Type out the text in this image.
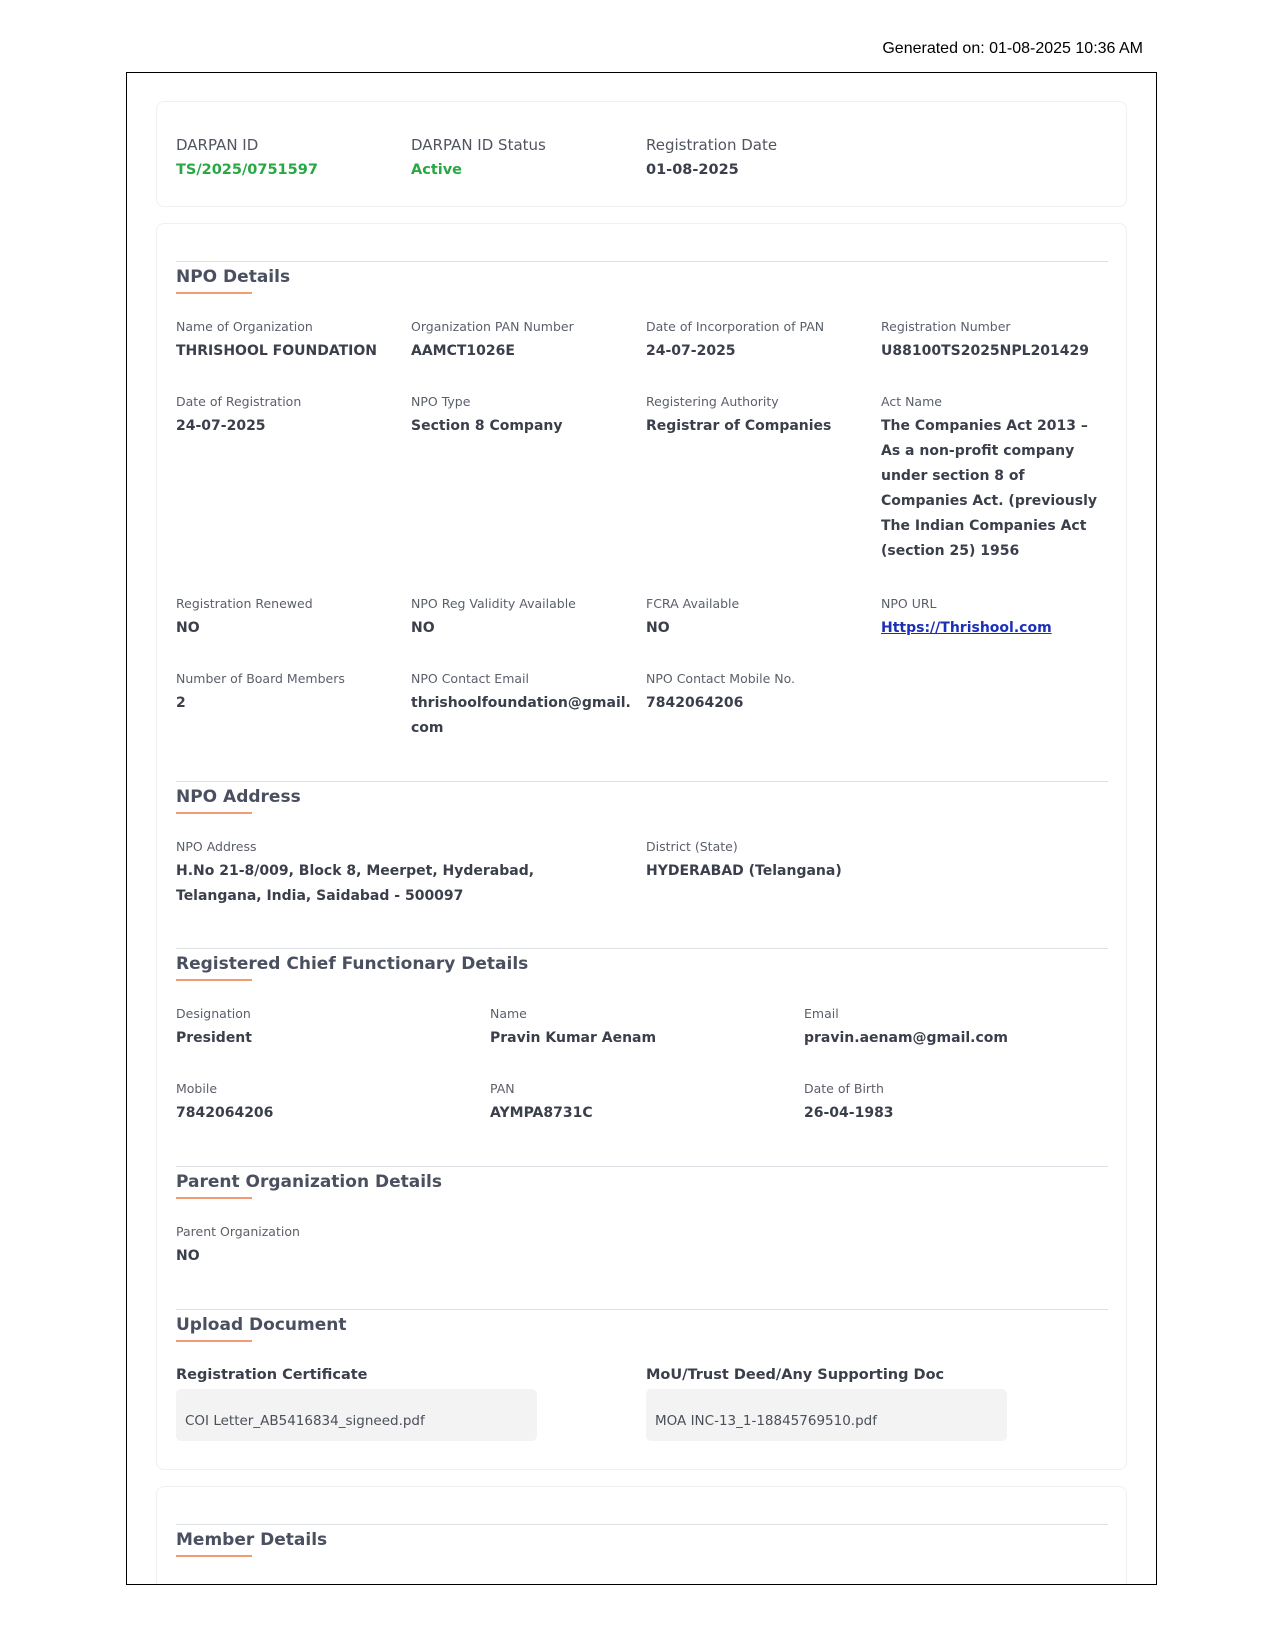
Generated on: 01-08-2025 10:36 AM
DARPAN ID
TS/2025/0751597
DARPAN ID Status
Active
Registration Date
01-08-2025
NPO Details
Name of Organization
THRISHOOL FOUNDATION
Organization PAN Number
AAMCT1026E
Date of Incorporation of PAN
24-07-2025
Registration Number
U88100TS2025NPL201429
Date of Registration
24-07-2025
NPO Type
Section 8 Company
Registering Authority
Registrar of Companies
Act Name
The Companies Act 2013 – As a non-profit company under section 8 of Companies Act. (previously The Indian Companies Act (section 25) 1956
Registration Renewed
NO
NPO Reg Validity Available
NO
FCRA Available
NO
NPO URL
Https://Thrishool.com
Number of Board Members
2
NPO Contact Email
thrishoolfoundation@gmail.com
NPO Contact Mobile No.
7842064206
NPO Address
NPO Address
H.No 21-8/009, Block 8, Meerpet, Hyderabad, Telangana, India, Saidabad - 500097
District (State)
HYDERABAD (Telangana)
Registered Chief Functionary Details
Designation
President
Name
Pravin Kumar Aenam
Email
pravin.aenam@gmail.com
Mobile
7842064206
PAN
AYMPA8731C
Date of Birth
26-04-1983
Parent Organization Details
Parent Organization
NO
Upload Document
Registration Certificate
COI Letter_AB5416834_signeed.pdf
MoU/Trust Deed/Any Supporting Doc
MOA INC-13_1-18845769510.pdf
Member Details
